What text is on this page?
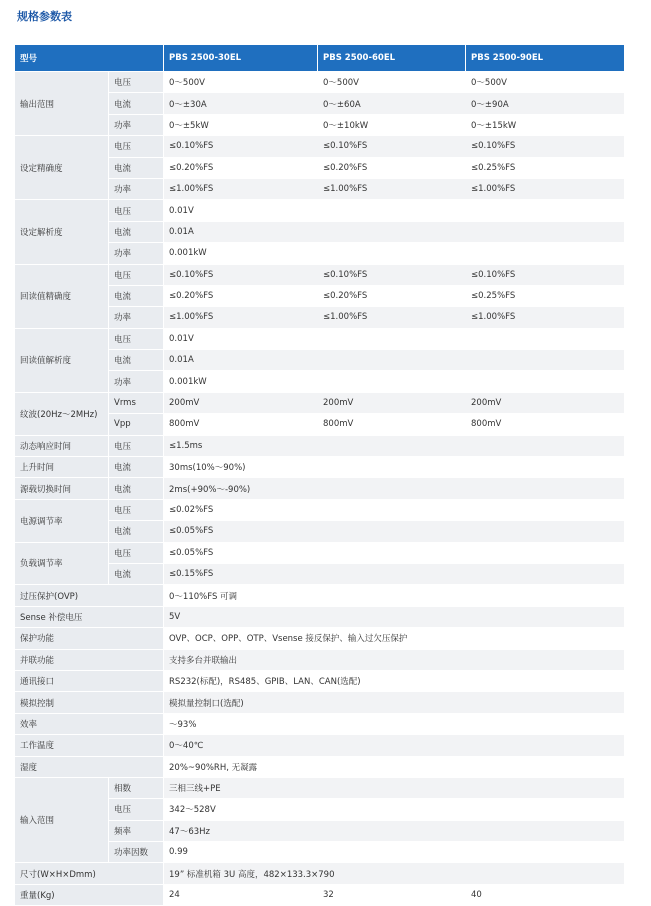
规格参数表
型号		PBS 2500-30EL	PBS 2500-60EL	PBS 2500-90EL
输出范围	电压	0～500V	0～500V	0～500V
	电流	0～±30A	0～±60A	0～±90A
	功率	0～±5kW	0～±10kW	0～±15kW
设定精确度	电压	≤0.10%FS	≤0.10%FS	≤0.10%FS
	电流	≤0.20%FS	≤0.20%FS	≤0.25%FS
	功率	≤1.00%FS	≤1.00%FS	≤1.00%FS
设定解析度	电压	0.01V		
	电流	0.01A		
	功率	0.001kW		
回读值精确度	电压	≤0.10%FS	≤0.10%FS	≤0.10%FS
	电流	≤0.20%FS	≤0.20%FS	≤0.25%FS
	功率	≤1.00%FS	≤1.00%FS	≤1.00%FS
回读值解析度	电压	0.01V		
	电流	0.01A		
	功率	0.001kW		
纹波(20Hz～2MHz)	Vrms	200mV	200mV	200mV
	Vpp	800mV	800mV	800mV
动态响应时间	电压	≤1.5ms		
上升时间	电流	30ms(10%～90%)		
源载切换时间	电流	2ms(+90%～-90%)		
电源调节率	电压	≤0.02%FS		
	电流	≤0.05%FS		
负载调节率	电压	≤0.05%FS		
	电流	≤0.15%FS		
过压保护(OVP)		0～110%FS 可调		
Sense 补偿电压		5V		
保护功能		OVP、OCP、OPP、OTP、Vsense 接反保护、输入过欠压保护		
并联功能		支持多台并联输出		
通讯接口		RS232(标配)，RS485、GPIB、LAN、CAN(选配)		
模拟控制		模拟量控制口(选配)		
效率		～93%		
工作温度		0～40℃		
湿度		20%~90%RH, 无凝露		
输入范围	相数	三相三线+PE		
	电压	342～528V		
	频率	47～63Hz		
	功率因数	0.99		
尺寸(W×H×Dmm)		19” 标准机箱 3U 高度，482×133.3×790		
重量(Kg)		24	32	40
